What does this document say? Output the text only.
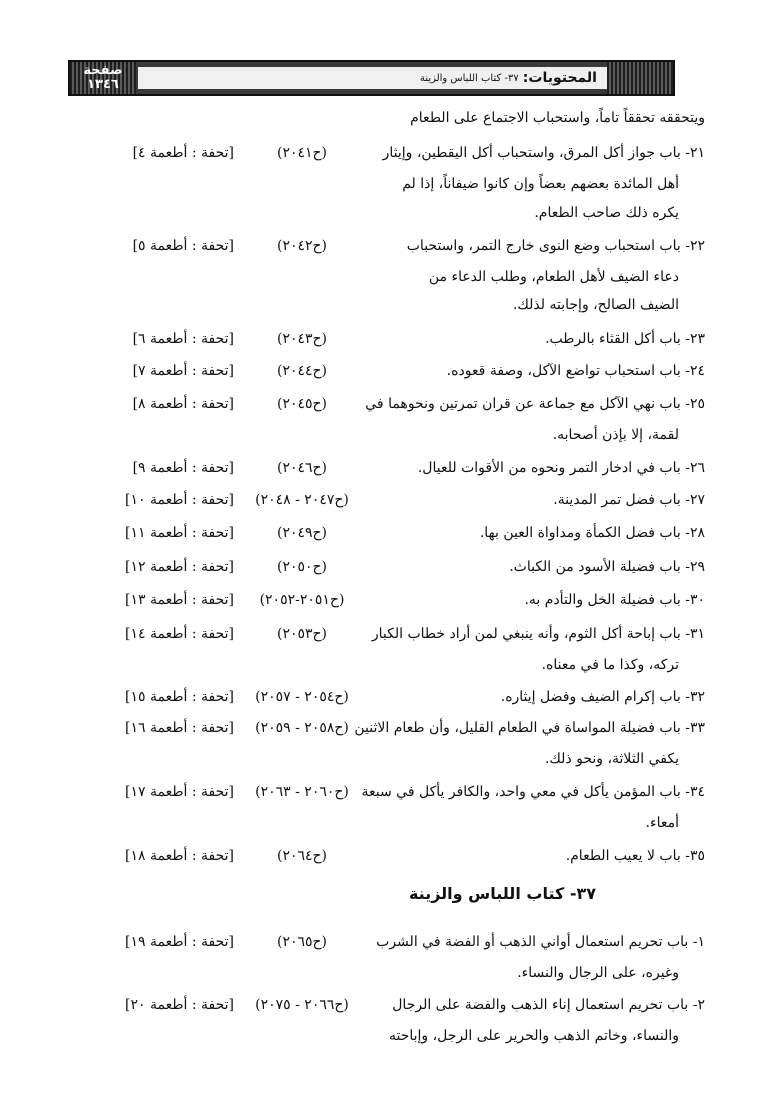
صفحة
١٣٤٦	المحتويات:
٣٧- كتاب اللباس والزينة
ويتحققه تحققاً تاماً، واستحباب الاجتماع على الطعام
٢١- باب جواز أكل المرق، واستحباب أكل اليقطين، وإيثار
أهل المائدة بعضهم بعضاً وإن كانوا ضيفاناً، إذا لم
يكره ذلك صاحب الطعام.
(ح٢٠٤١)
[تحفة : أطعمة ٤]
٢٢- باب استحباب وضع النوى خارج التمر، واستحباب
دعاء الضيف لأهل الطعام، وطلب الدعاء من
الضيف الصالح، وإجابته لذلك.
(ح٢٠٤٢)
[تحفة : أطعمة ٥]
٢٣- باب أكل القثاء بالرطب.
(ح٢٠٤٣)
[تحفة : أطعمة ٦]
٢٤- باب استحباب تواضع الآكل، وصفة قعوده.
(ح٢٠٤٤)
[تحفة : أطعمة ٧]
٢٥- باب نهي الآكل مع جماعة عن قران تمرتين ونحوهما في
لقمة، إلا بإذن أصحابه.
(ح٢٠٤٥)
[تحفة : أطعمة ٨]
٢٦- باب في ادخار التمر ونحوه من الأقوات للعيال.
(ح٢٠٤٦)
[تحفة : أطعمة ٩]
٢٧- باب فضل تمر المدينة.
(ح٢٠٤٧ - ٢٠٤٨)
[تحفة : أطعمة ١٠]
٢٨- باب فضل الكمأة ومداواة العين بها.
(ح٢٠٤٩)
[تحفة : أطعمة ١١]
٢٩- باب فضيلة الأسود من الكباث.
(ح٢٠٥٠)
[تحفة : أطعمة ١٢]
٣٠- باب فضيلة الخل والتأدم به.
(ح٢٠٥١-٢٠٥٢)
[تحفة : أطعمة ١٣]
٣١- باب إباحة أكل الثوم، وأنه ينبغي لمن أراد خطاب الكبار
تركه، وكذا ما في معناه.
(ح٢٠٥٣)
[تحفة : أطعمة ١٤]
٣٢- باب إكرام الضيف وفضل إيثاره.
(ح٢٠٥٤ - ٢٠٥٧)
[تحفة : أطعمة ١٥]
٣٣- باب فضيلة المواساة في الطعام القليل، وأن طعام الاثنين
يكفي الثلاثة، ونحو ذلك.
(ح٢٠٥٨ - ٢٠٥٩)
[تحفة : أطعمة ١٦]
٣٤- باب المؤمن يأكل في معي واحد، والكافر يأكل في سبعة
أمعاء.
(ح٢٠٦٠ - ٢٠٦٣)
[تحفة : أطعمة ١٧]
٣٥- باب لا يعيب الطعام.
(ح٢٠٦٤)
[تحفة : أطعمة ١٨]
٣٧- كتاب اللباس والزينة
١- باب تحريم استعمال أواني الذهب أو الفضة في الشرب
وغيره، على الرجال والنساء.
(ح٢٠٦٥)
[تحفة : أطعمة ١٩]
٢- باب تحريم استعمال إناء الذهب والفضة على الرجال
والنساء، وخاتم الذهب والحرير على الرجل، وإباحته
(ح٢٠٦٦ - ٢٠٧٥)
[تحفة : أطعمة ٢٠]
